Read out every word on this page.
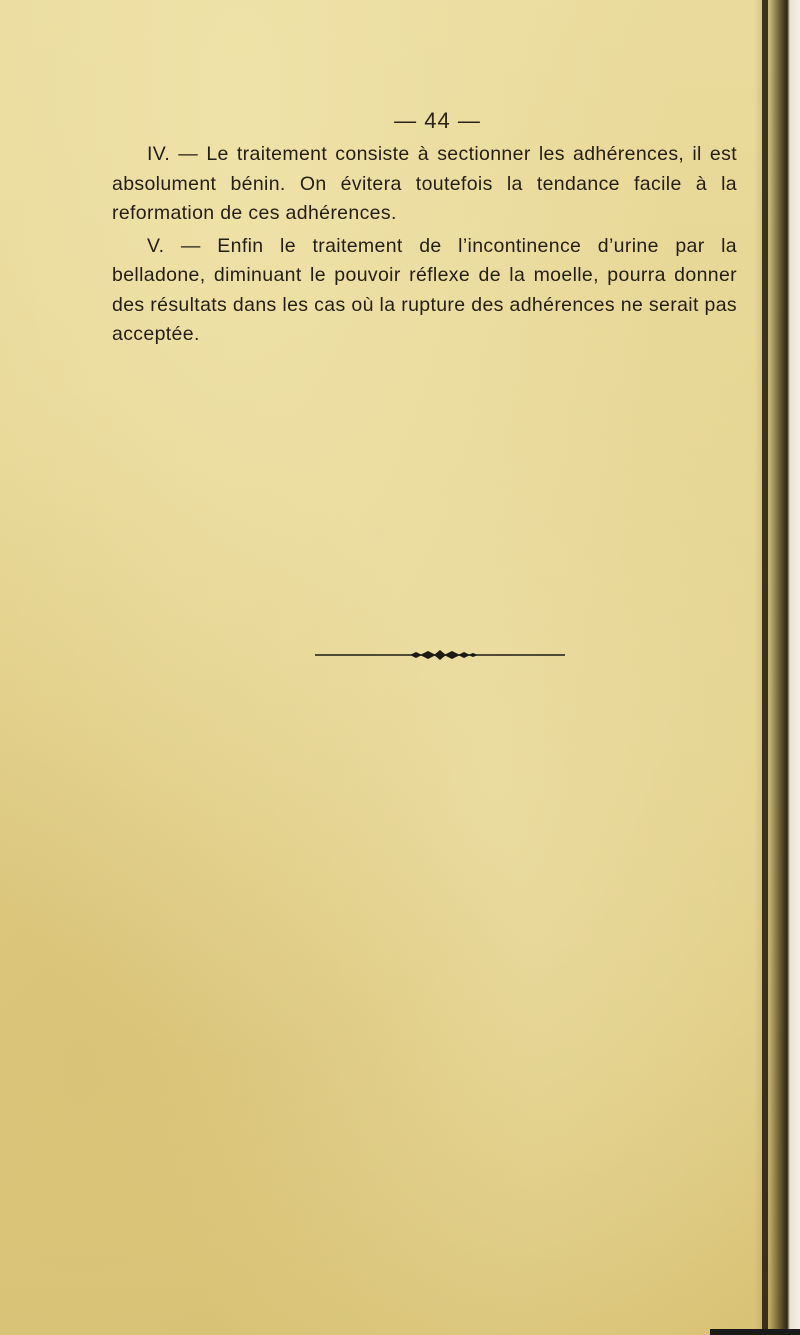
— 44 —

IV. — Le traitement consiste à sectionner les adhérences, il est absolument bénin. On évitera toutefois la tendance facile à la reformation de ces adhérences.

V. — Enfin le traitement de l’incontinence d’urine par la belladone, diminuant le pouvoir réflexe de la moelle, pourra donner des résultats dans les cas où la rupture des adhérences ne serait pas acceptée.
